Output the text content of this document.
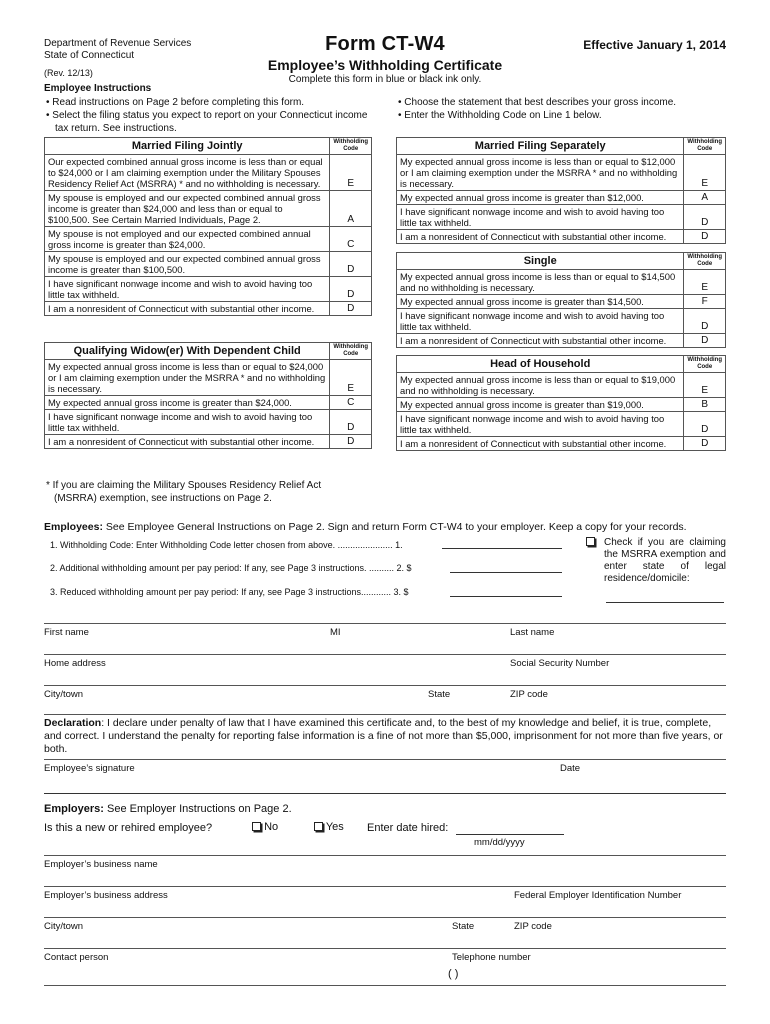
Department of Revenue Services
State of Connecticut
(Rev. 12/13)
Form CT-W4	Effective January 1, 2014
Employee’s Withholding Certificate
Complete this form in blue or black ink only.
Employee Instructions
• Read instructions on Page 2 before completing this form.
• Select the filing status you expect to report on your Connecticut income tax return. See instructions.
• Choose the statement that best describes your gross income.
• Enter the Withholding Code on Line 1 below.
Married Filing Jointly	Withholding Code
Our expected combined annual gross income is less than or equal to $24,000 or I am claiming exemption under the Military Spouses Residency Relief Act (MSRRA) * and no withholding is necessary.	E
My spouse is employed and our expected combined annual gross income is greater than $24,000 and less than or equal to $100,500. See Certain Married Individuals, Page 2.	A
My spouse is not employed and our expected combined annual gross income is greater than $24,000.	C
My spouse is employed and our expected combined annual gross income is greater than $100,500.	D
I have significant nonwage income and wish to avoid having too little tax withheld.	D
I am a nonresident of Connecticut with substantial other income.	D
Qualifying Widow(er) With Dependent Child	Withholding Code
My expected annual gross income is less than or equal to $24,000 or I am claiming exemption under the MSRRA * and no withholding is necessary.	E
My expected annual gross income is greater than $24,000.	C
I have significant nonwage income and wish to avoid having too little tax withheld.	D
I am a nonresident of Connecticut with substantial other income.	D
Married Filing Separately	Withholding Code
My expected annual gross income is less than or equal to $12,000 or I am claiming exemption under the MSRRA * and no withholding is necessary.	E
My expected annual gross income is greater than $12,000.	A
I have significant nonwage income and wish to avoid having too little tax withheld.	D
I am a nonresident of Connecticut with substantial other income.	D
Single	Withholding Code
My expected annual gross income is less than or equal to $14,500 and no withholding is necessary.	E
My expected annual gross income is greater than $14,500.	F
I have significant nonwage income and wish to avoid having too little tax withheld.	D
I am a nonresident of Connecticut with substantial other income.	D
Head of Household	Withholding Code
My expected annual gross income is less than or equal to $19,000 and no withholding is necessary.	E
My expected annual gross income is greater than $19,000.	B
I have significant nonwage income and wish to avoid having too little tax withheld.	D
I am a nonresident of Connecticut with substantial other income.	D
* If you are claiming the Military Spouses Residency Relief Act (MSRRA) exemption, see instructions on Page 2.
Employees: See Employee General Instructions on Page 2. Sign and return Form CT-W4 to your employer. Keep a copy for your records.
1. Withholding Code: Enter Withholding Code letter chosen from above. ...................... 1.
2. Additional withholding amount per pay period: If any, see Page 3 instructions. .......... 2. $
3. Reduced withholding amount per pay period: If any, see Page 3 instructions............ 3. $
Check if you are claiming the MSRRA exemption and enter state of legal residence/domicile:
First name	MI	Last name
Home address	Social Security Number
City/town	State	ZIP code
Declaration: I declare under penalty of law that I have examined this certificate and, to the best of my knowledge and belief, it is true, complete, and correct. I understand the penalty for reporting false information is a fine of not more than $5,000, imprisonment for not more than five years, or both.
Employee’s signature	Date
Employers: See Employer Instructions on Page 2.
Is this a new or rehired employee?	No	Yes Enter date hired:
mm/dd/yyyy
Employer’s business name
Employer’s business address	Federal Employer Identification Number
City/town	State	ZIP code
Contact person	Telephone number
( )
